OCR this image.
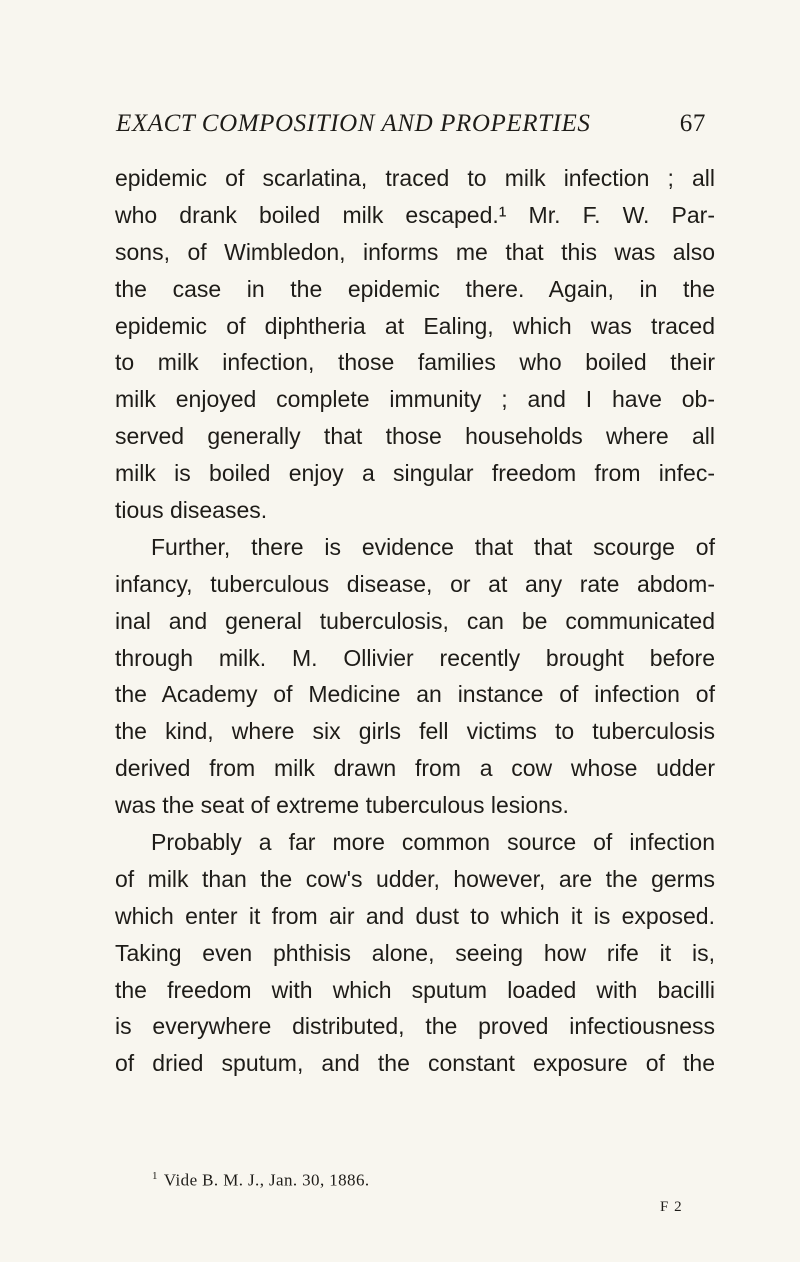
EXACT COMPOSITION AND PROPERTIES	67
epidemic of scarlatina, traced to milk infection ; all
who drank boiled milk escaped.¹ Mr. F. W. Par-
sons, of Wimbledon, informs me that this was also
the case in the epidemic there. Again, in the
epidemic of diphtheria at Ealing, which was traced
to milk infection, those families who boiled their
milk enjoyed complete immunity ; and I have ob-
served generally that those households where all
milk is boiled enjoy a singular freedom from infec-
tious diseases.
Further, there is evidence that that scourge of
infancy, tuberculous disease, or at any rate abdom-
inal and general tuberculosis, can be communicated
through milk. M. Ollivier recently brought before
the Academy of Medicine an instance of infection of
the kind, where six girls fell victims to tuberculosis
derived from milk drawn from a cow whose udder
was the seat of extreme tuberculous lesions.
Probably a far more common source of infection
of milk than the cow's udder, however, are the germs
which enter it from air and dust to which it is exposed.
Taking even phthisis alone, seeing how rife it is,
the freedom with which sputum loaded with bacilli
is everywhere distributed, the proved infectiousness
of dried sputum, and the constant exposure of the
$^1$ Vide B. M. J., Jan. 30, 1886.
F 2
